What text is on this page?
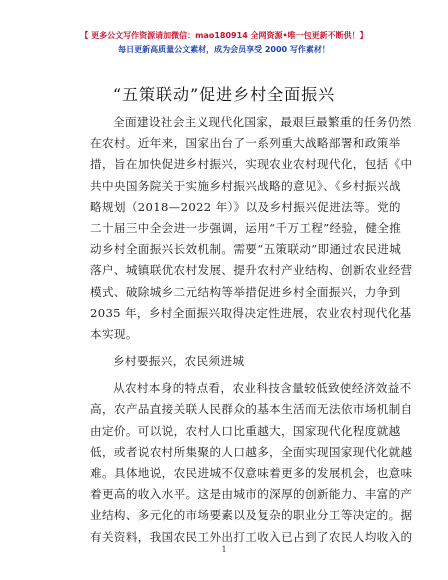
【 更多公文写作资源请加微信：mao180914 全网资源•唯一包更新不断供！】
每日更新高质量公文素材，成为会员享受 2000 写作素材！
“五策联动”促进乡村全面振兴
全面建设社会主义现代化国家，最艰巨最繁重的任务仍然
在农村。近年来，国家出台了一系列重大战略部署和政策举
措，旨在加快促进乡村振兴，实现农业农村现代化，包括《中
共中央国务院关于实施乡村振兴战略的意见》、《乡村振兴战
略规划（2018—2022 年）》以及乡村振兴促进法等。党的
二十届三中全会进一步强调，运用“千万工程”经验，健全推
动乡村全面振兴长效机制。需要“五策联动”即通过农民进城
落户、城镇联优农村发展、提升农村产业结构、创新农业经营
模式、破除城乡二元结构等举措促进乡村全面振兴，力争到
2035 年，乡村全面振兴取得决定性进展，农业农村现代化基
本实现。
乡村要振兴，农民须进城
从农村本身的特点看，农业科技含量较低致使经济效益不
高，农产品直接关联人民群众的基本生活而无法依市场机制自
由定价。可以说，农村人口比重越大，国家现代化程度就越
低，或者说农村所集聚的人口越多，全面实现国家现代化就越
难。具体地说，农民进城不仅意味着更多的发展机会，也意味
着更高的收入水平。这是由城市的深厚的创新能力、丰富的产
业结构、多元化的市场要素以及复杂的职业分工等决定的。据
有关资料，我国农民工外出打工收入已占到了农民人均收入的
1
